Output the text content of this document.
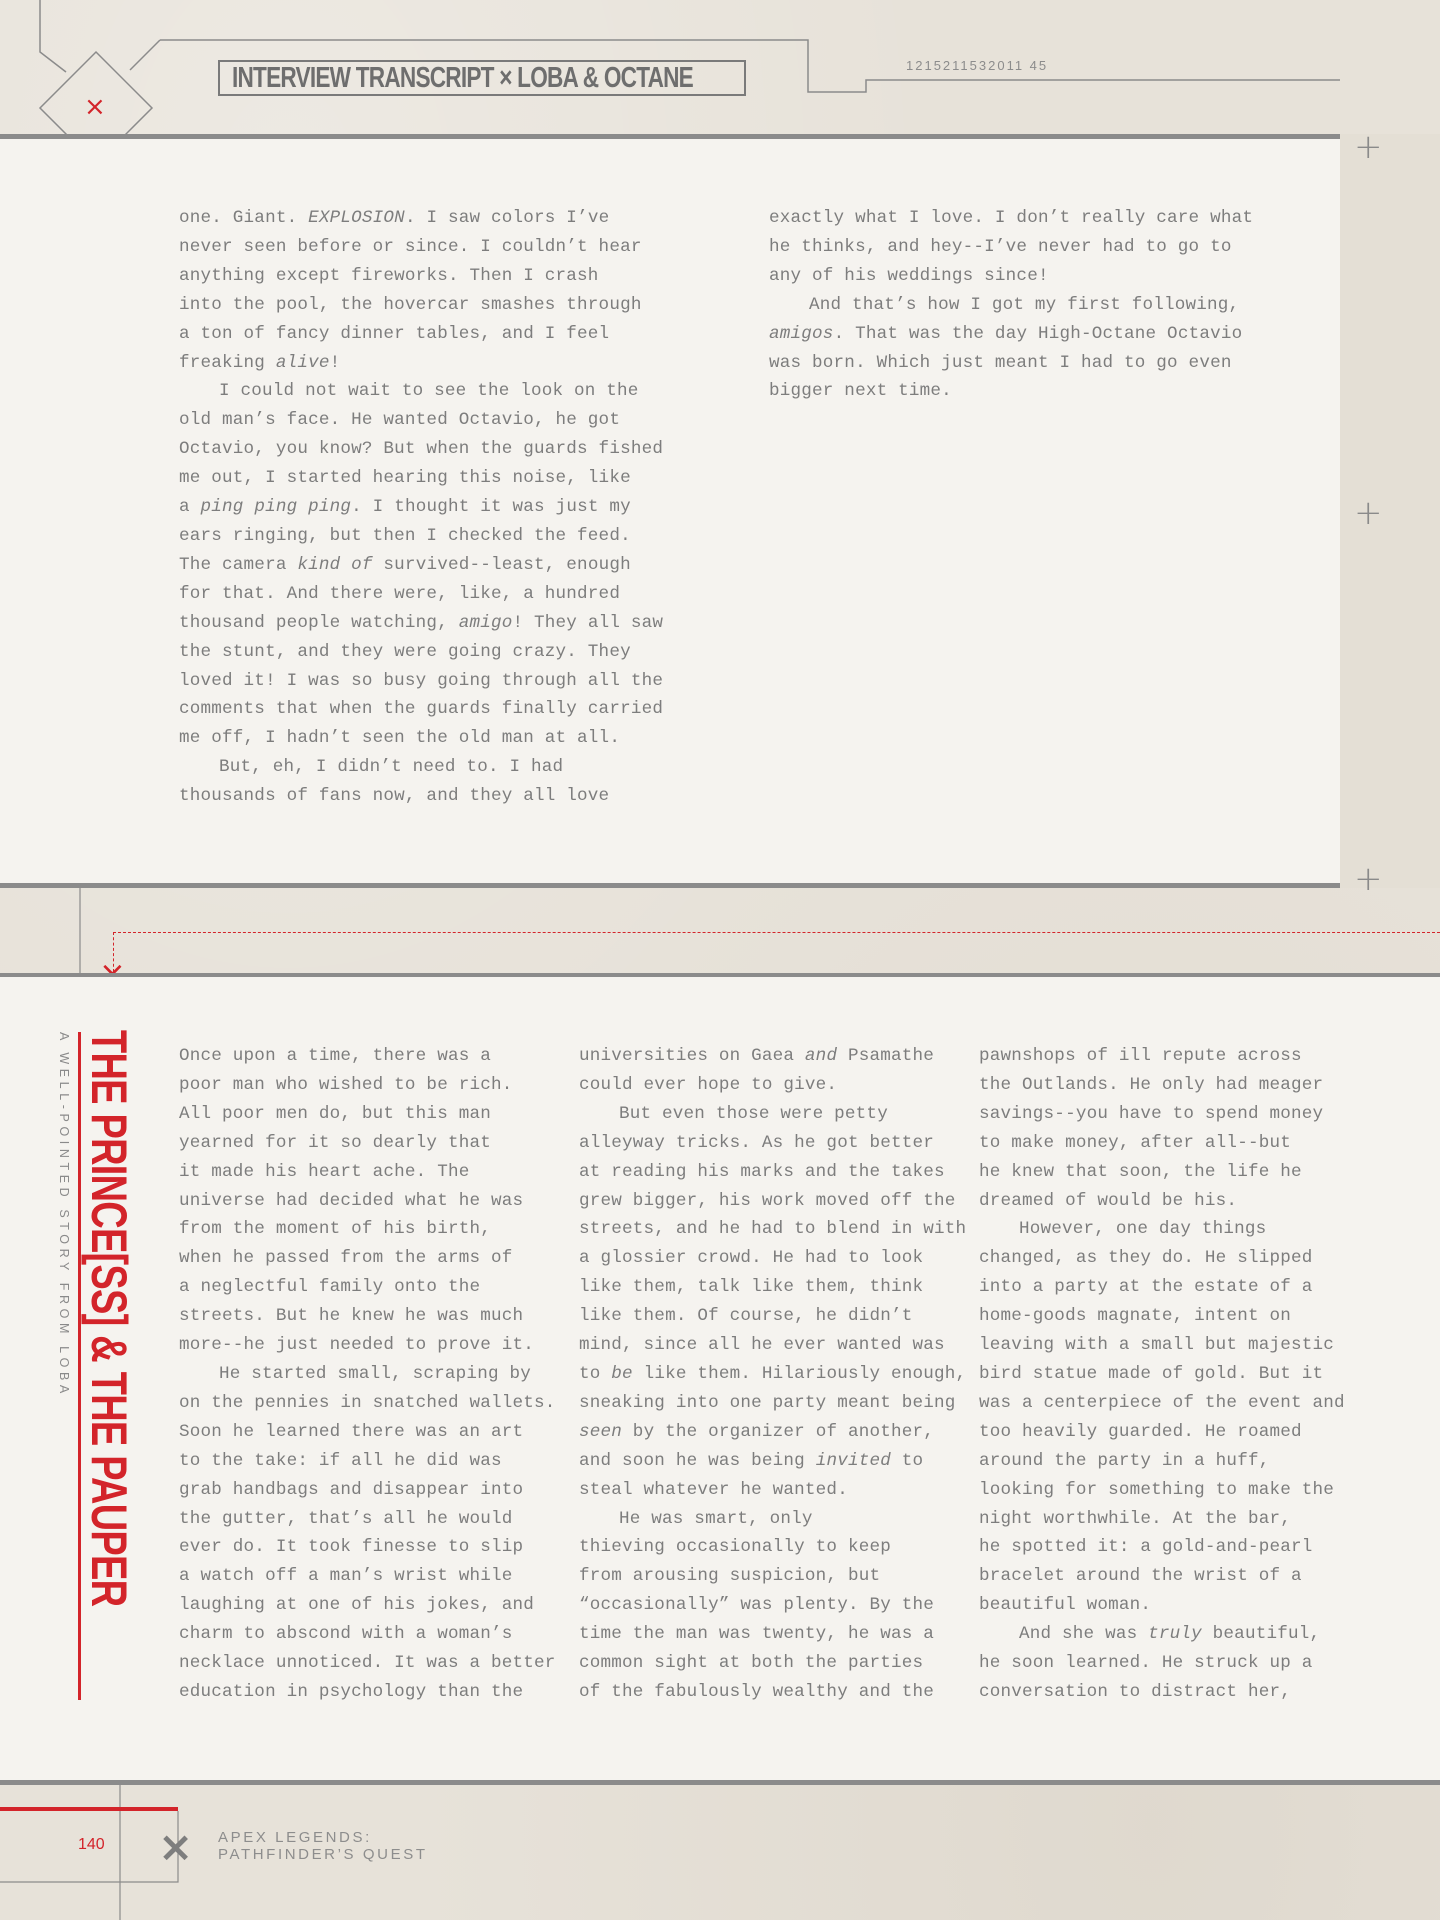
×
INTERVIEW TRANSCRIPT × LOBA & OCTANE	1215211532011 45
+
+
+
one. Giant. EXPLOSION. I saw colors I’ve
never seen before or since. I couldn’t hear
anything except fireworks. Then I crash
into the pool, the hovercar smashes through
a ton of fancy dinner tables, and I feel
freaking alive!
I could not wait to see the look on the
old man’s face. He wanted Octavio, he got
Octavio, you know? But when the guards fished
me out, I started hearing this noise, like
a ping ping ping. I thought it was just my
ears ringing, but then I checked the feed.
The camera kind of survived--least, enough
for that. And there were, like, a hundred
thousand people watching, amigo! They all saw
the stunt, and they were going crazy. They
loved it! I was so busy going through all the
comments that when the guards finally carried
me off, I hadn’t seen the old man at all.
But, eh, I didn’t need to. I had
thousands of fans now, and they all love
exactly what I love. I don’t really care what
he thinks, and hey--I’ve never had to go to
any of his weddings since!
And that’s how I got my first following,
amigos. That was the day High-Octane Octavio
was born. Which just meant I had to go even
bigger next time.
A WELL-POINTED STORY FROM LOBA THE PRINCE[SS] & THE PAUPER Once upon a time, there was a
poor man who wished to be rich.
All poor men do, but this man
yearned for it so dearly that
it made his heart ache. The
universe had decided what he was
from the moment of his birth,
when he passed from the arms of
a neglectful family onto the
streets. But he knew he was much
more--he just needed to prove it.
He started small, scraping by
on the pennies in snatched wallets.
Soon he learned there was an art
to the take: if all he did was
grab handbags and disappear into
the gutter, that’s all he would
ever do. It took finesse to slip
a watch off a man’s wrist while
laughing at one of his jokes, and
charm to abscond with a woman’s
necklace unnoticed. It was a better
education in psychology than the
universities on Gaea and Psamathe
could ever hope to give.
But even those were petty
alleyway tricks. As he got better
at reading his marks and the takes
grew bigger, his work moved off the
streets, and he had to blend in with
a glossier crowd. He had to look
like them, talk like them, think
like them. Of course, he didn’t
mind, since all he ever wanted was
to be like them. Hilariously enough,
sneaking into one party meant being
seen by the organizer of another,
and soon he was being invited to
steal whatever he wanted.
He was smart, only
thieving occasionally to keep
from arousing suspicion, but
“occasionally” was plenty. By the
time the man was twenty, he was a
common sight at both the parties
of the fabulously wealthy and the
pawnshops of ill repute across
the Outlands. He only had meager
savings--you have to spend money
to make money, after all--but
he knew that soon, the life he
dreamed of would be his.
However, one day things
changed, as they do. He slipped
into a party at the estate of a
home-goods magnate, intent on
leaving with a small but majestic
bird statue made of gold. But it
was a centerpiece of the event and
too heavily guarded. He roamed
around the party in a huff,
looking for something to make the
night worthwhile. At the bar,
he spotted it: a gold-and-pearl
bracelet around the wrist of a
beautiful woman.
And she was truly beautiful,
he soon learned. He struck up a
conversation to distract her,
140 × APEX LEGENDS:
PATHFINDER’S QUEST
